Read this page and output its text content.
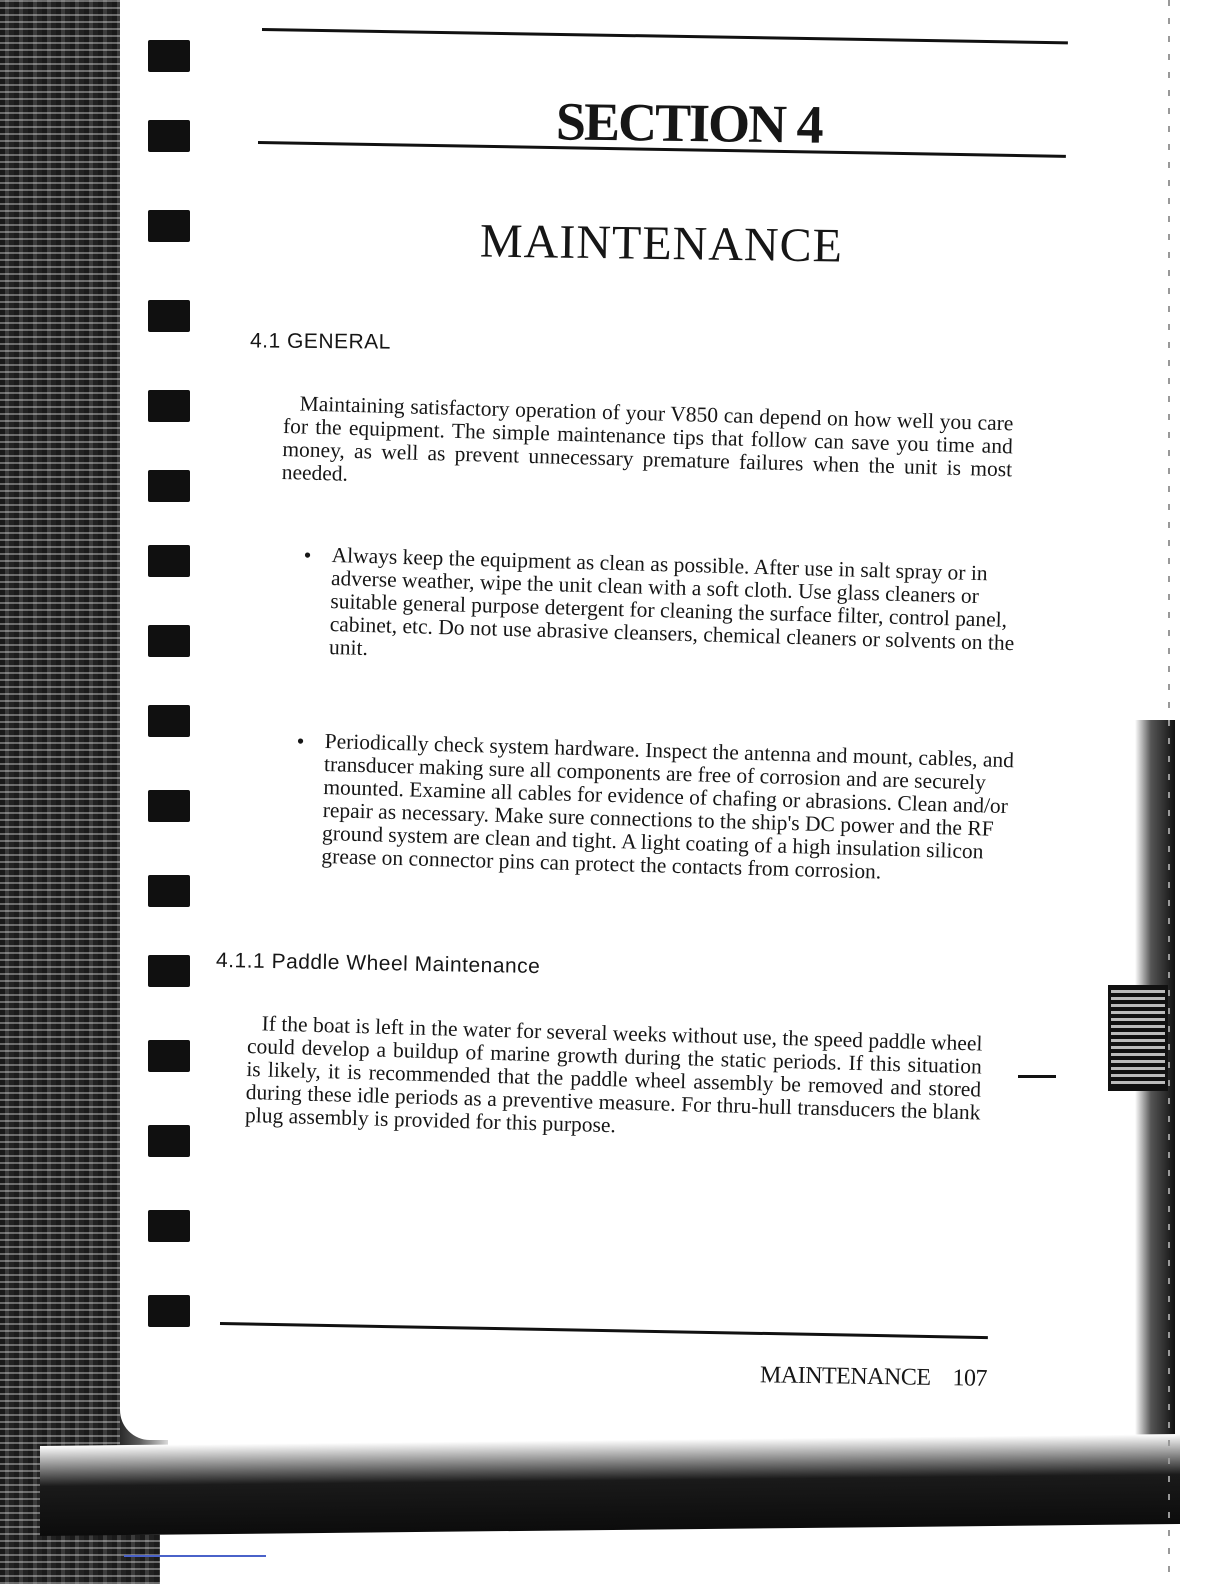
SECTION 4
MAINTENANCE
4.1 GENERAL

Maintaining satisfactory operation of your V850 can depend on how well you care for the equipment. The simple maintenance tips that follow can save you time and money, as well as prevent unnecessary premature failures when the unit is most needed.

• Always keep the equipment as clean as possible. After use in salt spray or in adverse weather, wipe the unit clean with a soft cloth. Use glass cleaners or suitable general purpose detergent for cleaning the surface filter, control panel, cabinet, etc. Do not use abrasive cleansers, chemical cleaners or solvents on the unit.
• Periodically check system hardware. Inspect the antenna and mount, cables, and transducer making sure all components are free of corrosion and are securely mounted. Examine all cables for evidence of chafing or abrasions. Clean and/or repair as necessary. Make sure connections to the ship's DC power and the RF ground system are clean and tight. A light coating of a high insulation silicon grease on connector pins can protect the contacts from corrosion.
4.1.1 Paddle Wheel Maintenance

If the boat is left in the water for several weeks without use, the speed paddle wheel could develop a buildup of marine growth during the static periods. If this situation is likely, it is recommended that the paddle wheel assembly be removed and stored during these idle periods as a preventive measure. For thru-hull transducers the blank plug assembly is provided for this purpose.

MAINTENANCE 107
